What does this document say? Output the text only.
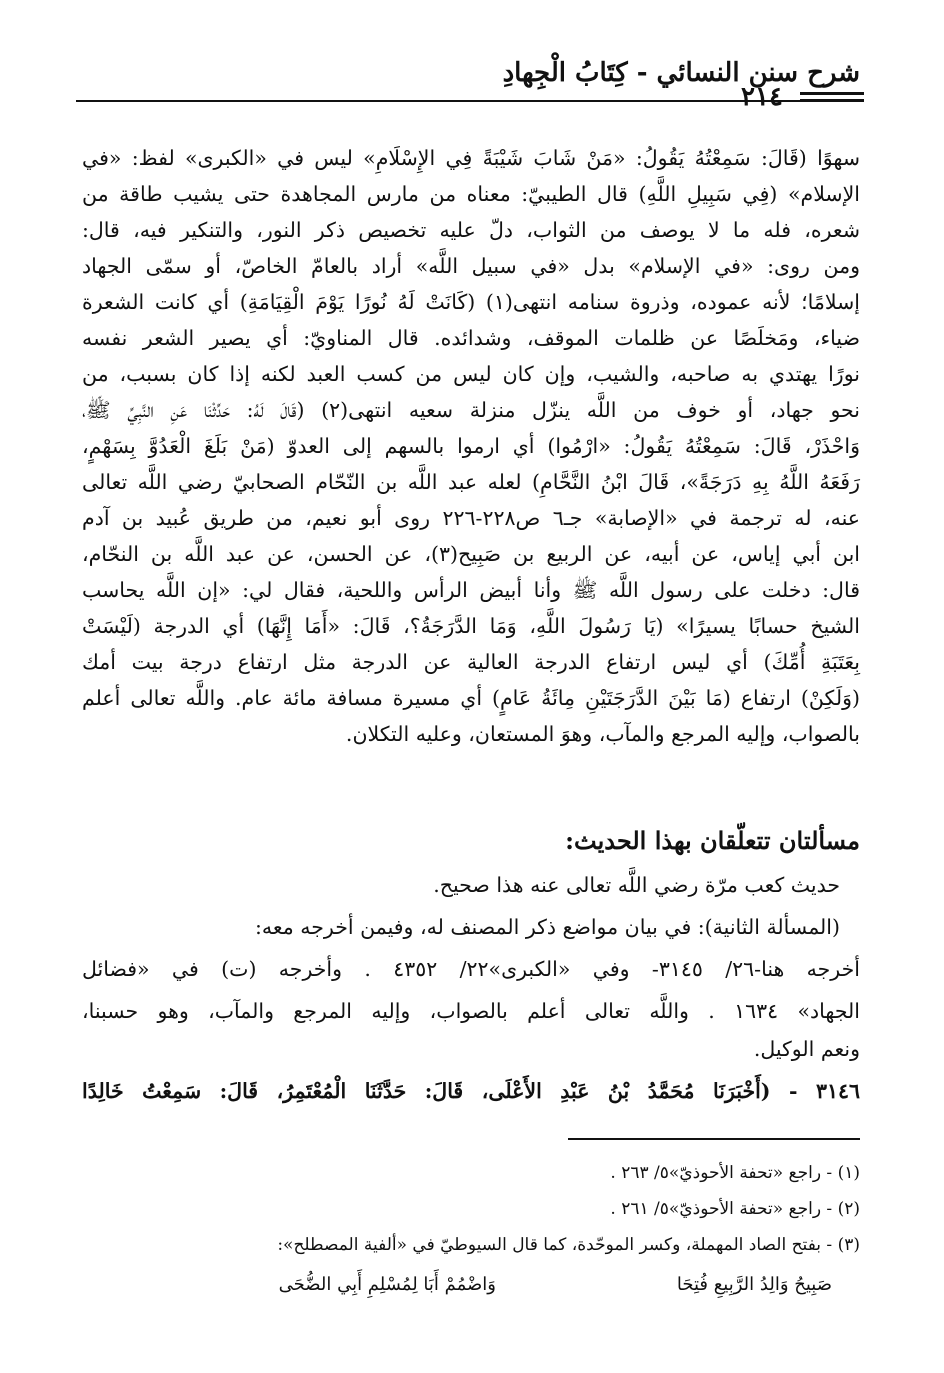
شرح سنن النسائي - كِتَابُ الْجِهادِ
٢١٤
سهوًا (قَالَ: سَمِعْتُهُ يَقُولُ: «مَنْ شَابَ شَيْبَةً فِي الإِسْلَامِ» ليس في «الكبرى» لفظ: «في
الإسلام» (فِي سَبِيلِ اللَّهِ) قال الطيبيّ: معناه من مارس المجاهدة حتى يشيب طاقة من
شعره، فله ما لا يوصف من الثواب، دلّ عليه تخصيص ذكر النور، والتنكير فيه، قال:
ومن روى: «في الإسلام» بدل «في سبيل اللَّه» أراد بالعامّ الخاصّ، أو سمّى الجهاد
إسلامًا؛ لأنه عموده، وذروة سنامه انتهى(١) (كَانَتْ لَهُ نُورًا يَوْمَ الْقِيَامَةِ) أي كانت الشعرة
ضياء، ومَخلَصًا عن ظلمات الموقف، وشدائده. قال المناويّ: أي يصير الشعر نفسه
نورًا يهتدي به صاحبه، والشيب، وإن كان ليس من كسب العبد لكنه إذا كان بسبب، من
نحو جهاد، أو خوف من اللَّه ينزّل منزلة سعيه انتهى(٢) (قَالَ لَهُ: حَدِّثْنَا عَنِ النَّبِيِّ ﷺ،
وَاحْذَرْ، قَالَ: سَمِعْتُهُ يَقُولُ: «ارْمُوا) أي ارموا بالسهم إلى العدوّ (مَنْ بَلَغَ الْعَدُوَّ بِسَهْمٍ،
رَفَعَهُ اللَّهُ بِهِ دَرَجَةً»، قَالَ ابْنُ النَّحَّامِ) لعله عبد اللَّه بن النّحّام الصحابيّ رضي اللَّه تعالى
عنه، له ترجمة في «الإصابة» جـ٦ ص٢٢٨-٢٢٦ روى أبو نعيم، من طريق عُبيد بن آدم
ابن أبي إياس، عن أبيه، عن الربيع بن صَبِيح(٣)، عن الحسن، عن عبد اللَّه بن النحّام،
قال: دخلت على رسول اللَّه ﷺ وأنا أبيض الرأس واللحية، فقال لي: «إن اللَّه يحاسب
الشيخ حسابًا يسيرًا» (يَا رَسُولَ اللَّهِ، وَمَا الدَّرَجَةُ؟، قَالَ: «أَمَا إِنَّهَا) أي الدرجة (لَيْسَتْ
بِعَتَبَةِ أُمِّكَ) أي ليس ارتفاع الدرجة العالية عن الدرجة مثل ارتفاع درجة بيت أمك
(وَلَكِنْ) ارتفاع (مَا بَيْنَ الدَّرَجَتَيْنِ مِائَةُ عَامٍ) أي مسيرة مسافة مائة عام. واللَّه تعالى أعلم
بالصواب، وإليه المرجع والمآب، وهوَ المستعان، وعليه التكلان.
مسألتان تتعلّقان بهذا الحديث:
حديث كعب مرّة رضي اللَّه تعالى عنه هذا صحيح.
(المسألة الثانية): في بيان مواضع ذكر المصنف له، وفيمن أخرجه معه:
أخرجه هنا-٢٦/ ٣١٤٥- وفي «الكبرى»٢٢/ ٤٣٥٢ . وأخرجه (ت) في «فضائل
الجهاد» ١٦٣٤ . واللَّه تعالى أعلم بالصواب، وإليه المرجع والمآب، وهو حسبنا،
ونعم الوكيل.
٣١٤٦ - (أَخْبَرَنَا مُحَمَّدُ بْنُ عَبْدِ الأَعْلَى، قَالَ: حَدَّثَنَا الْمُعْتَمِرُ، قَالَ: سَمِعْتُ خَالِدًا
(١) - راجع «تحفة الأحوذيّ»٥/ ٢٦٣ .
(٢) - راجع «تحفة الأحوذيّ»٥/ ٢٦١ .
(٣) - بفتح الصاد المهملة، وكسر الموحّدة، كما قال السيوطيّ في «ألفية المصطلح»:
صَبِيحُ وَالِدُ الرَّبِيعِ فُتِحَا
وَاضْمُمْ أَبَا لِمُسْلِمِ أَبِي الضُّحَى
